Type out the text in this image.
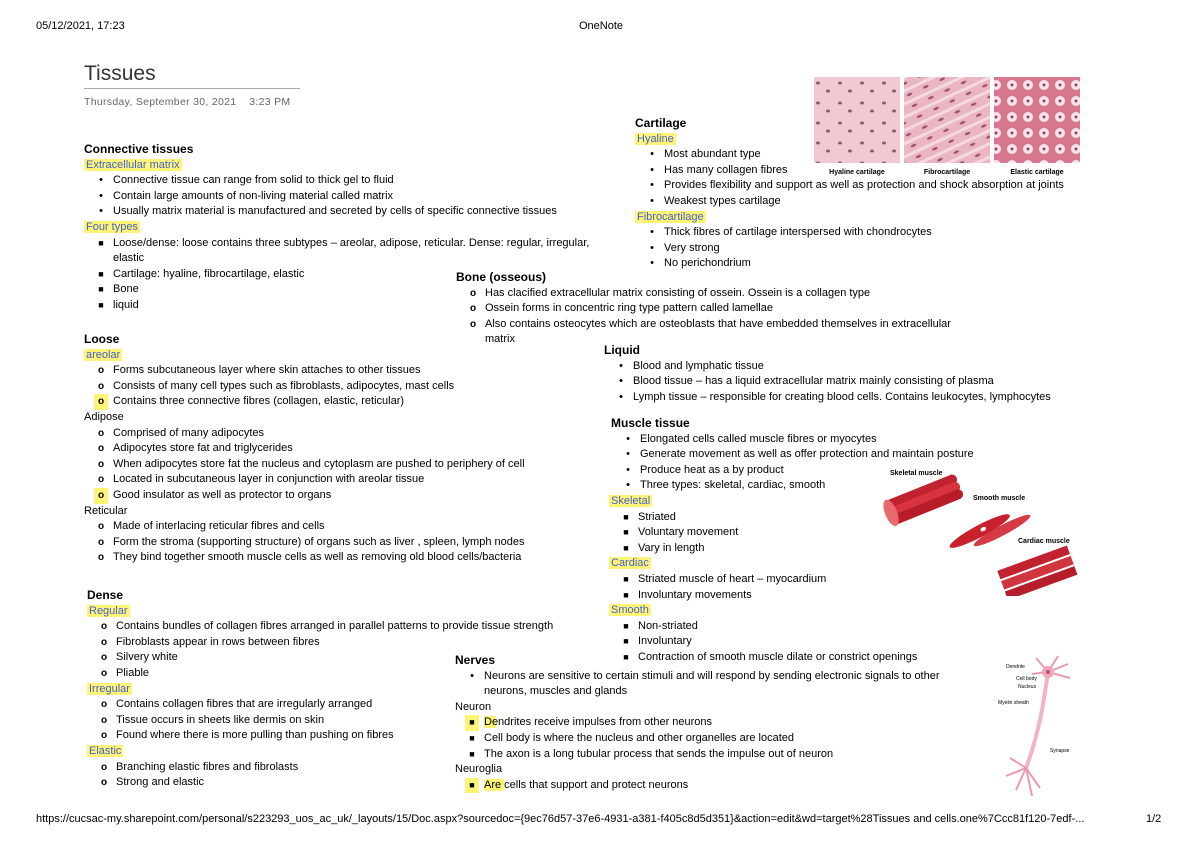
05/12/2021, 17:23	OneNote
https://cucsac-my.sharepoint.com/personal/s223293_uos_ac_uk/_layouts/15/Doc.aspx?sourcedoc={9ec76d57-37e6-4931-a381-f405c8d5d351}&action=edit&wd=target%28Tissues and cells.one%7Ccc81f120-7edf-...	1/2
Tissues
Thursday, September 30, 2021 3:23 PM
Connective tissues
Extracellular matrix
• Connective tissue can range from solid to thick gel to fluid
• Contain large amounts of non-living material called matrix
• Usually matrix material is manufactured and secreted by cells of specific connective tissues
Four types
■ Loose/dense: loose contains three subtypes – areolar, adipose, reticular. Dense: regular, irregular,
elastic
■ Cartilage: hyaline, fibrocartilage, elastic
■ Bone
■ liquid
Loose
areolar
o Forms subcutaneous layer where skin attaches to other tissues
o Consists of many cell types such as fibroblasts, adipocytes, mast cells
o Contains three connective fibres (collagen, elastic, reticular)
Adipose
o Comprised of many adipocytes
o Adipocytes store fat and triglycerides
o When adipocytes store fat the nucleus and cytoplasm are pushed to periphery of cell
o Located in subcutaneous layer in conjunction with areolar tissue
o Good insulator as well as protector to organs
Reticular
o Made of interlacing reticular fibres and cells
o Form the stroma (supporting structure) of organs such as liver , spleen, lymph nodes
o They bind together smooth muscle cells as well as removing old blood cells/bacteria
Dense
Regular
o Contains bundles of collagen fibres arranged in parallel patterns to provide tissue strength
o Fibroblasts appear in rows between fibres
o Silvery white
o Pliable
Irregular
o Contains collagen fibres that are irregularly arranged
o Tissue occurs in sheets like dermis on skin
o Found where there is more pulling than pushing on fibres
Elastic
o Branching elastic fibres and fibrolasts
o Strong and elastic
Cartilage
Hyaline
• Most abundant type
• Has many collagen fibres
• Provides flexibility and support as well as protection and shock absorption at joints
• Weakest types cartilage
Fibrocartilage
• Thick fibres of cartilage interspersed with chondrocytes
• Very strong
• No perichondrium
Hyaline cartilage	Fibrocartilage	Elastic cartilage
Bone (osseous)
o Has clacified extracellular matrix consisting of ossein. Ossein is a collagen type
o Ossein forms in concentric ring type pattern called lamellae
o Also contains osteocytes which are osteoblasts that have embedded themselves in extracellular
matrix
Liquid
• Blood and lymphatic tissue
• Blood tissue – has a liquid extracellular matrix mainly consisting of plasma
• Lymph tissue – responsible for creating blood cells. Contains leukocytes, lymphocytes
Muscle tissue
• Elongated cells called muscle fibres or myocytes
• Generate movement as well as offer protection and maintain posture
• Produce heat as a by product
• Three types: skeletal, cardiac, smooth
Skeletal
■ Striated
■ Voluntary movement
■ Vary in length
Cardiac
■ Striated muscle of heart – myocardium
■ Involuntary movements
Smooth
■ Non-striated
■ Involuntary
■ Contraction of smooth muscle dilate or constrict openings
Skeletal muscle
Smooth muscle
Cardiac muscle
Nerves
• Neurons are sensitive to certain stimuli and will respond by sending electronic signals to other
neurons, muscles and glands
Neuron
■ Dendrites receive impulses from other neurons
■ Cell body is where the nucleus and other organelles are located
■ The axon is a long tubular process that sends the impulse out of neuron
Neuroglia
■ Are cells that support and protect neurons
Dendrite
Cell body
Nucleus
Myelin sheath
Synapse
